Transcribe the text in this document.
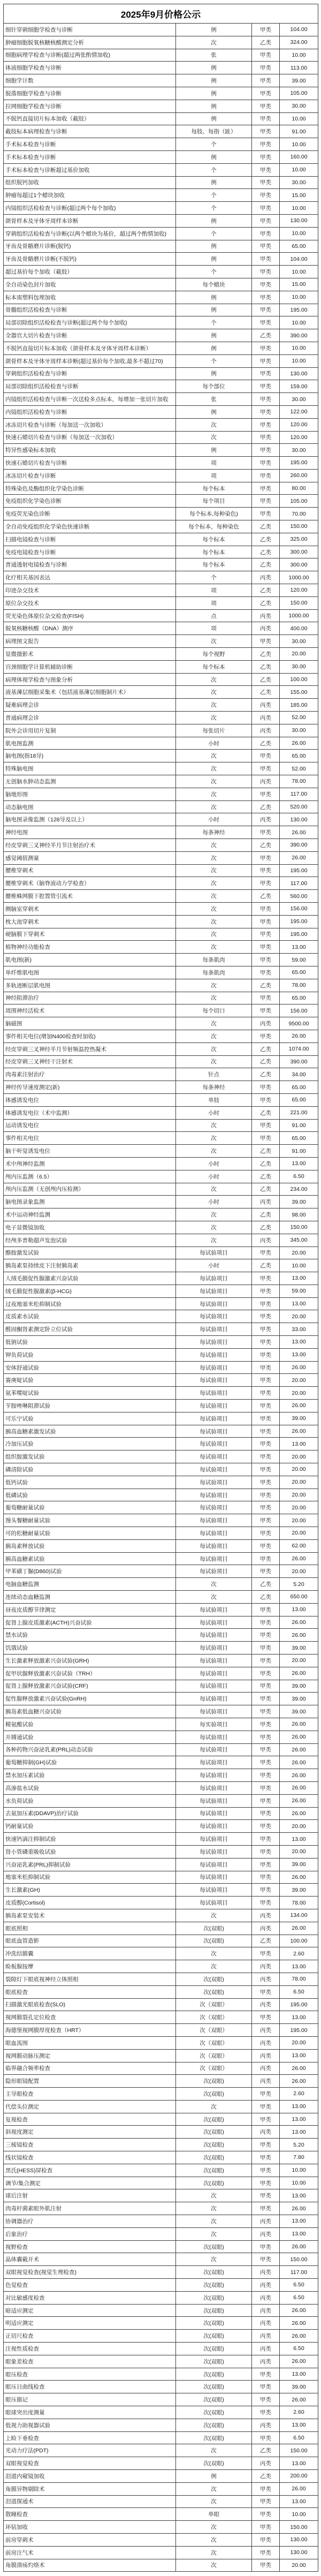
2025年9月价格公示			
细针穿刺细胞学检查与诊断	例	甲类	104.00
肿瘤细胞脱氧核糖核酸测定分析	次	乙类	324.00
细胞病理学检查与诊断(超过两张酌情加收)	张	甲类	10.00
体液细胞学检查与诊断	例	甲类	113.00
细胞学计数	例	甲类	39.00
脱落细胞学检查与诊断	例	甲类	105.00
拉网细胞学检查与诊断	例	甲类	30.00
不脱钙直接切片标本加收（截肢）	例	甲类	10.00
截肢标本病理检查与诊断	每肢、每指（趾）	甲类	91.00
手术标本检查与诊断	个	甲类	10.00
手术标本检查与诊断	例	甲类	160.00
手术标本检查与诊断超过基价加收	个	甲类	10.00
组织脱钙加收	例	甲类	30.00
肿瘤每超过1个蜡块加收	个	甲类	15.00
内镜组织活检检查与诊断(超过两个每个加收)	个	甲类	10.00
颌骨样本及牙体牙周样本诊断	例	甲类	130.00
穿刺组织活检检查与诊断(以两个蜡块为基价，超过两个酌情加收)	个	甲类	10.00
牙齿及骨骼磨片诊断(脱钙)	例	甲类	65.00
牙齿及骨骼磨片诊断(不脱钙)	例	甲类	104.00
超过基价每个加收（截肢）	个	甲类	10.00
全自动染色封片加收	每个蜡块	甲类	15.00
标本需塑料包埋加收	例	甲类	10.00
骨髓组织活检检查与诊断	例	甲类	195.00
局部切除组织活检检查与诊断(超过两个每个加收)	个	甲类	10.00
全器官大切片检查与诊断	例	乙类	390.00
不脱钙直接切片标本加收（颌骨样本及牙体牙周样本诊断）	例	甲类	10.00
颌骨样本及牙体牙周样本诊断(超过基价每个加收,最多不超过70)	个	甲类	10.00
穿刺组织活检检查与诊断	例	甲类	130.00
局部切除组织活检检查与诊断	每个部位	甲类	159.00
内镜组织活检检查与诊断一次送检多点标本，每增加一张切片加收	张	甲类	30.00
内镜组织活检检查与诊断	例	甲类	122.00
冰冻切片检查与诊断（每加送一次加收）	次	甲类	120.00
快速石蜡切片检查与诊断（每加送一次加收）	次	甲类	120.00
特异性感染标本加收	例	甲类	30.00
快速石蜡切片检查与诊断	项	甲类	195.00
冰冻切片检查与诊断	项	甲类	260.00
特殊染色及酶组织化学染色诊断	每个标本	甲类	80.00
免疫组织化学染色诊断	每个项目	甲类	105.00
免疫荧光染色诊断	每个标本,每种染色)	甲类	70.00
全自动免疫组织化学染色快速诊断	每个标本，每种染色	乙类	150.00
扫描电镜检查与诊断	每个标本	乙类	325.00
免疫电镜检查与诊断	每个标本	乙类	300.00
普通透射电镜检查与诊断	每个标本	乙类	300.00
化疗相关基因表达	个	丙类	1000.00
印迹杂交技术	项	乙类	120.00
原位杂交技术	项	乙类	150.00
荧光染色体原位杂交检查(FISH)	点	丙类	1000.00
脱氧核糖核酸（DNA）测序	项	丙类	400.00
病理图文报告	次	甲类	30.00
显微摄影术	每个视野	乙类	20.00
宫颈细胞学计算机辅助诊断	每个标本	乙类	30.00
病理体视学检查与图象分析	次	乙类	100.00
液基薄层细胞采集术（包括液基薄层细胞制片术）	次	乙类	155.00
疑难病理会诊	次	丙类	185.00
普通病理会诊	次	丙类	52.00
院外会诊用切片复制	每张切片	丙类	30.00
肌电图监测	小时	乙类	26.00
脑电图(指18导)	次	甲类	65.00
特殊脑电图	次	甲类	52.00
无创脑水肿动态监测	次	丙类	78.00
脑地形图	次	甲类	117.00
动态脑电图	次	乙类	520.00
脑电图录像监测（128导及以上）	小时	丙类	130.00
神经电图	每条神经	甲类	26.00
经皮穿刺三叉神经半月节注射治疗术	次	乙类	390.00
感觉阈值测量	次	甲类	26.00
腰椎穿刺术	次	甲类	195.00
腰椎穿刺术（脑脊液动力学检查）	次	甲类	117.00
腰椎蛛网膜下腔置管引流术	次	乙类	560.00
侧脑室穿刺术	次	甲类	156.00
枕大池穿刺术	次	甲类	195.00
硬脑膜下穿刺术	次	甲类	195.00
植物神经功能检查	次	甲类	13.00
肌电图(新)	每条肌肉	甲类	59.00
单纤维肌电图	每条肌肉	甲类	65.00
多轨迹断层肌电图	次	乙类	78.00
神经阻滞治疗	次	甲类	65.00
周围神经活检术	每个切口	甲类	156.00
脑磁图	次	丙类	9500.00
事件相关电位(增加N400检查时加收)	次	甲类	26.00
经皮穿刺三叉神经半月节射频温控热凝术	次	乙类	1074.00
经皮穿刺三叉神经干注射术	次	乙类	390.00
肉毒素注射治疗	针点	乙类	34.00
神经传导速度测定(新)	每条神经	甲类	65.00
体感诱发电位	单肢	甲类	65.00
体感诱发电位（术中监测）	小时	乙类	221.00
运动诱发电位	次	甲类	91.00
事件相关电位	次	甲类	65.00
脑干听觉诱发电位	次	乙类	91.00
术中颅神经监测	小时	乙类	13.00
颅内压监测（6.5）	小时	乙类	6.50
颅内压监测（无创颅内压检测）	次	乙类	234.00
脑电图录象监测	小时	丙类	39.00
术中运动神经监测	次	乙类	98.00
电子显微镜加收	次	乙类	150.00
经颅多普勒超声发泡试验	次	丙类	345.00
酪胺激发试验	每试验项目	甲类	20.00
胰岛素泵持续皮下注射胰岛素	小时	乙类	10.00
人绒毛膜促性腺激素兴奋试验	每试验项目	甲类	13.00
绒毛膜促性腺激素(β-HCG)	每试验项目	甲类	59.00
过夜地塞米松抑制试验	每试验项目	甲类	13.00
皮质素水试验	每试验项目	甲类	20.00
醛固酮肾素测定卧立位试验	每试验项目	甲类	33.00
低钠试验	每试验项目	甲类	13.00
钾负荷试验	每试验项目	甲类	13.00
安体舒通试验	每试验项目	甲类	26.00
赛庚啶试验	每试验项目	甲类	20.00
氨苯喋啶试验	每试验项目	甲类	20.00
苄胺唑啉阻滞试验	每试验项目	甲类	26.00
可乐宁试验	每试验项目	甲类	39.00
胰高血糖素激发试验	每试验项目	甲类	26.00
冷加压试验	每试验项目	甲类	13.00
组织胺激发试验	每试验项目	甲类	20.00
磷清除试验	每试验项目	甲类	20.00
低钙试验	每试验项目	甲类	20.00
低磷试验	每试验项目	甲类	20.00
葡萄糖耐量试验	每试验项目	甲类	20.00
馒头餐糖耐量试验	每试验项目	甲类	20.00
可的松糖耐量试验	每试验项目	甲类	20.00
胰岛素释放试验	每试验项目	甲类	62.00
胰高血糖素试验	每试验项目	甲类	26.00
甲苯磺丁脲(D860)试验	每试验项目	甲类	20.00
电脑血糖监测	次	乙类	5.20
连续动态血糖监测	次	乙类	650.00
昼夜皮质醇节律测定	每试验项目	甲类	13.00
促肾上腺皮质激素(ACTH)兴奋试验	每试验项目	甲类	26.00
禁水试验	每试验项目	甲类	26.00
饥饿试验	每试验项目	甲类	39.00
生长激素释放激素兴奋试验(GRH)	每试验项目	甲类	20.00
促甲状腺释放激素兴奋试验（TRH）	每试验项目	甲类	26.00
促肾上腺释放激素兴奋试验(CRF)	每试验项目	甲类	39.00
促性腺释放激素兴奋试验(GnRH)	每试验项目	甲类	39.00
胰岛素低血糖兴奋试验	每试验项目	甲类	39.00
精氨酸试验	每实验项目	甲类	26.00
开搏通试验	每试验项目	甲类	26.00
各种药物兴奋泌乳素(PRL)动态试验	每试验项目	甲类	26.00
葡萄糖抑制(GH)试验	每试验项目	甲类	26.00
禁水加压素试验	每试验项目	甲类	26.00
高渗盐水试验	每试验项目	甲类	26.00
水负荷试验	每试验项目	甲类	26.00
去氨加压素(DDAVP)治疗试验	每试验项目	甲类	26.00
钙耐量试验	每试验项目	甲类	20.00
快速钙滴注抑制试验	每试验项目	甲类	13.00
肾小管磷重吸收试验	每试验项目	甲类	20.00
兴奋泌乳素(PRL)抑制试验	每试验项目	甲类	39.00
地塞米松抑制试验	每试验项目	甲类	26.00
生长激素(GH)	每试验项目	甲类	39.00
皮质醇(Cortisol)	每试验项目	甲类	78.00
胰岛素泵安装术	次	丙类	134.00
眼底照相	次(双眼)	丙类	26.00
眼底血管造影	次(双眼)	乙类	100.00
冲洗结膜囊	次	甲类	2.60
睑板腺按摩	次	丙类	13.00
裂隙灯下眼底视神经立体照相	次(双眼)	丙类	78.00
眼底检查	次(双眼)	甲类	6.50
扫描激光眼底检查(SLO)	次（双眼）	丙类	195.00
视网膜裂孔定位检查	次（双眼）	甲类	13.00
海德堡视网膜厚度检查（HRT）	次（双眼）	丙类	195.00
眼血流图	次（双眼）	丙类	20.00
视网膜动脉压测定	次（双眼）	丙类	13.00
临界融合频率检查	次（双眼）	丙类	26.00
隐形眼镜配置	次(双眼)	丙类	26.00
主导眼检查	次(双眼)	甲类	2.60
代偿头位测定	次	甲类	13.00
复视检查	次(双眼)	甲类	13.00
斜视度测定	次(双眼)	丙类	13.00
三棱镜检查	次(双眼)	甲类	5.20
线状镜检查	次(双眼)	甲类	7.80
黑氏(HESS)屏检查	次(双眼)	甲类	10.00
调节/集合测定	次(双眼)	甲类	10.00
球后注射	次	甲类	13.00
肉毒杆菌素眼外肌注射	次	甲类	26.00
协调器治疗	次	丙类	13.00
后象治疗	次	丙类	13.00
视野检查	次(双眼)	甲类	26.00
晶体囊截开术	次	甲类	150.00
双眼视觉检查(视觉生理检查)	次(双眼)	丙类	117.00
色觉检查	次(双眼)	丙类	6.50
对比敏感度检查	次(双眼)	丙类	6.50
暗适应测定	次(双眼)	丙类	26.00
明适应测定	次(双眼)	丙类	26.00
正切尺检查	次(双眼)	丙类	26.00
注视性质检查	次(双眼)	丙类	6.50
眼象差检查	次(双眼)	丙类	26.00
眼压检查	次(双眼)	甲类	13.00
眼压日曲线检查	次(双眼)	甲类	39.00
眼压描记	次(双眼)	甲类	26.00
眼球突出度测量	次(双眼)	甲类	2.60
低视力助视器试验	次(双眼)	丙类	13.00
上睑下垂检查	次(双眼)	甲类	6.50
光动力疗法(PDT)	次	乙类	150.00
双眼视觉检查	次(双眼)	丙类	13.00
泪道内窥镜加收	例	乙类	200.00
角膜异物剔除术	次	甲类	26.00
泪道探通术	次	甲类	13.00
散瞳检查	单眼	甲类	10.00
环钻加收	次	甲类	150.00
前房穿刺术	次	甲类	130.00
前房注气术	次	甲类	130.00
角膜溃疡灼烙术	次	甲类	20.00
